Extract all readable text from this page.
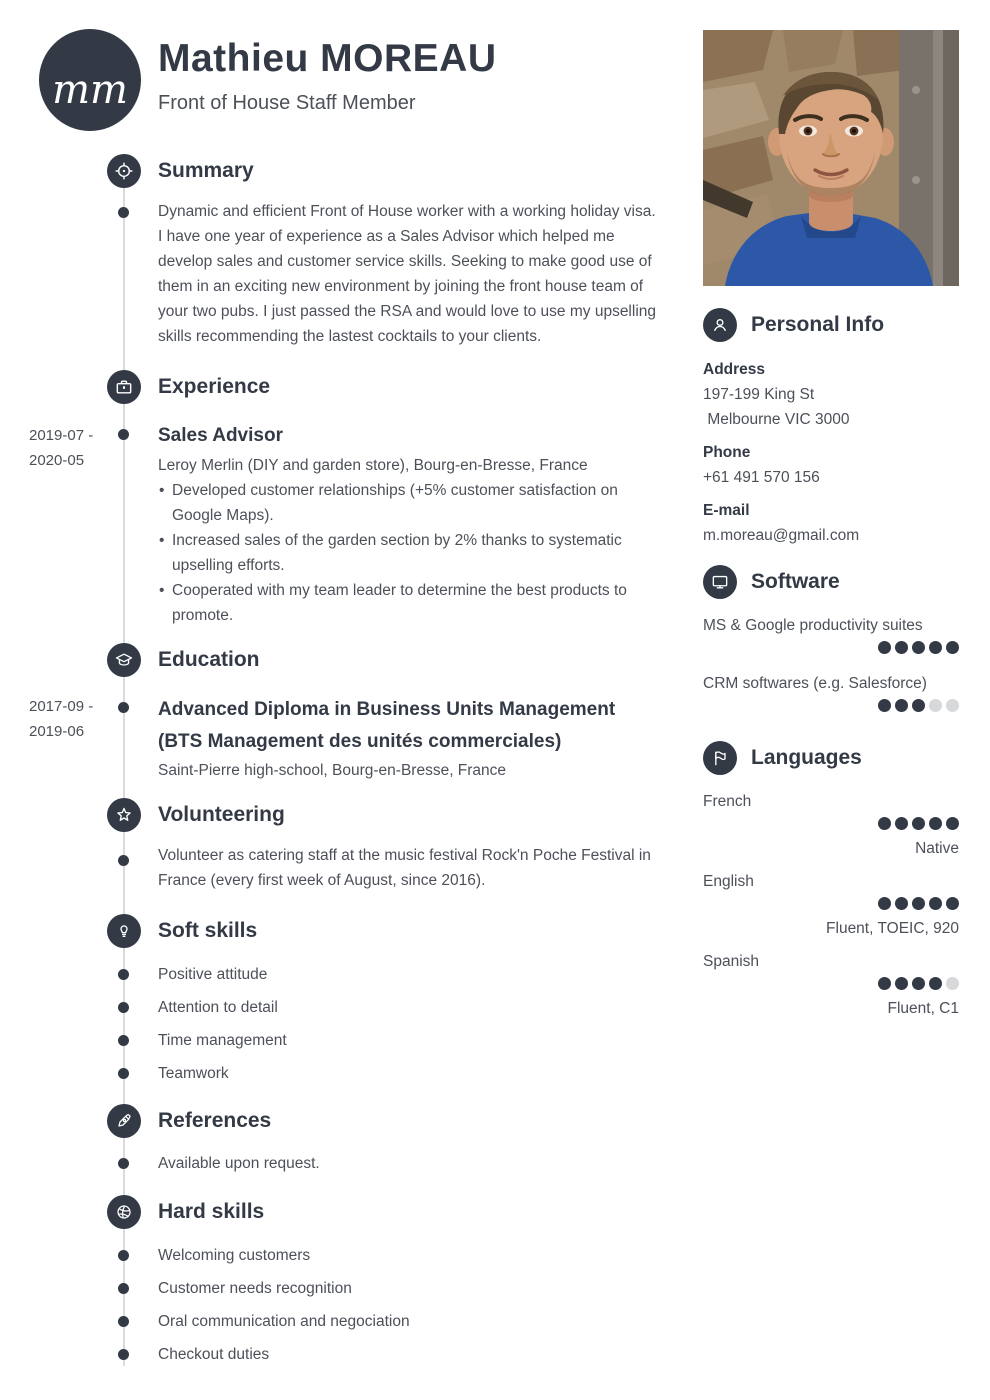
mm
Mathieu MOREAU
Front of House Staff Member
Summary

Dynamic and efficient Front of House worker with a working holiday visa. I have one year of experience as a Sales Advisor which helped me develop sales and customer service skills. Seeking to make good use of them in an exciting new environment by joining the front house team of your two pubs. I just passed the RSA and would love to use my upselling skills recommending the lastest cocktails to your clients.

Experience
2019-07 -
2020-05
Sales Advisor

Leroy Merlin (DIY and garden store), Bourg-en-Bresse, France

• Developed customer relationships (+5% customer satisfaction on Google Maps).
• Increased sales of the garden section by 2% thanks to systematic upselling efforts.
• Cooperated with my team leader to determine the best products to promote.
Education
2017-09 -
2019-06
Advanced Diploma in Business Units Management (BTS Management des unités commerciales)

Saint-Pierre high-school, Bourg-en-Bresse, France

Volunteering

Volunteer as catering staff at the music festival Rock'n Poche Festival in France (every first week of August, since 2016).

Soft skills
Positive attitude
Attention to detail
Time management
Teamwork
References

Available upon request.

Hard skills
Welcoming customers
Customer needs recognition
Oral communication and negociation
Checkout duties
Personal Info
Address
197-199 King St
Melbourne VIC 3000
Phone
+61 491 570 156
E-mail
m.moreau@gmail.com
Software
MS & Google productivity suites
CRM softwares (e.g. Salesforce)
Languages
French
Native
English
Fluent, TOEIC, 920
Spanish
Fluent, C1
